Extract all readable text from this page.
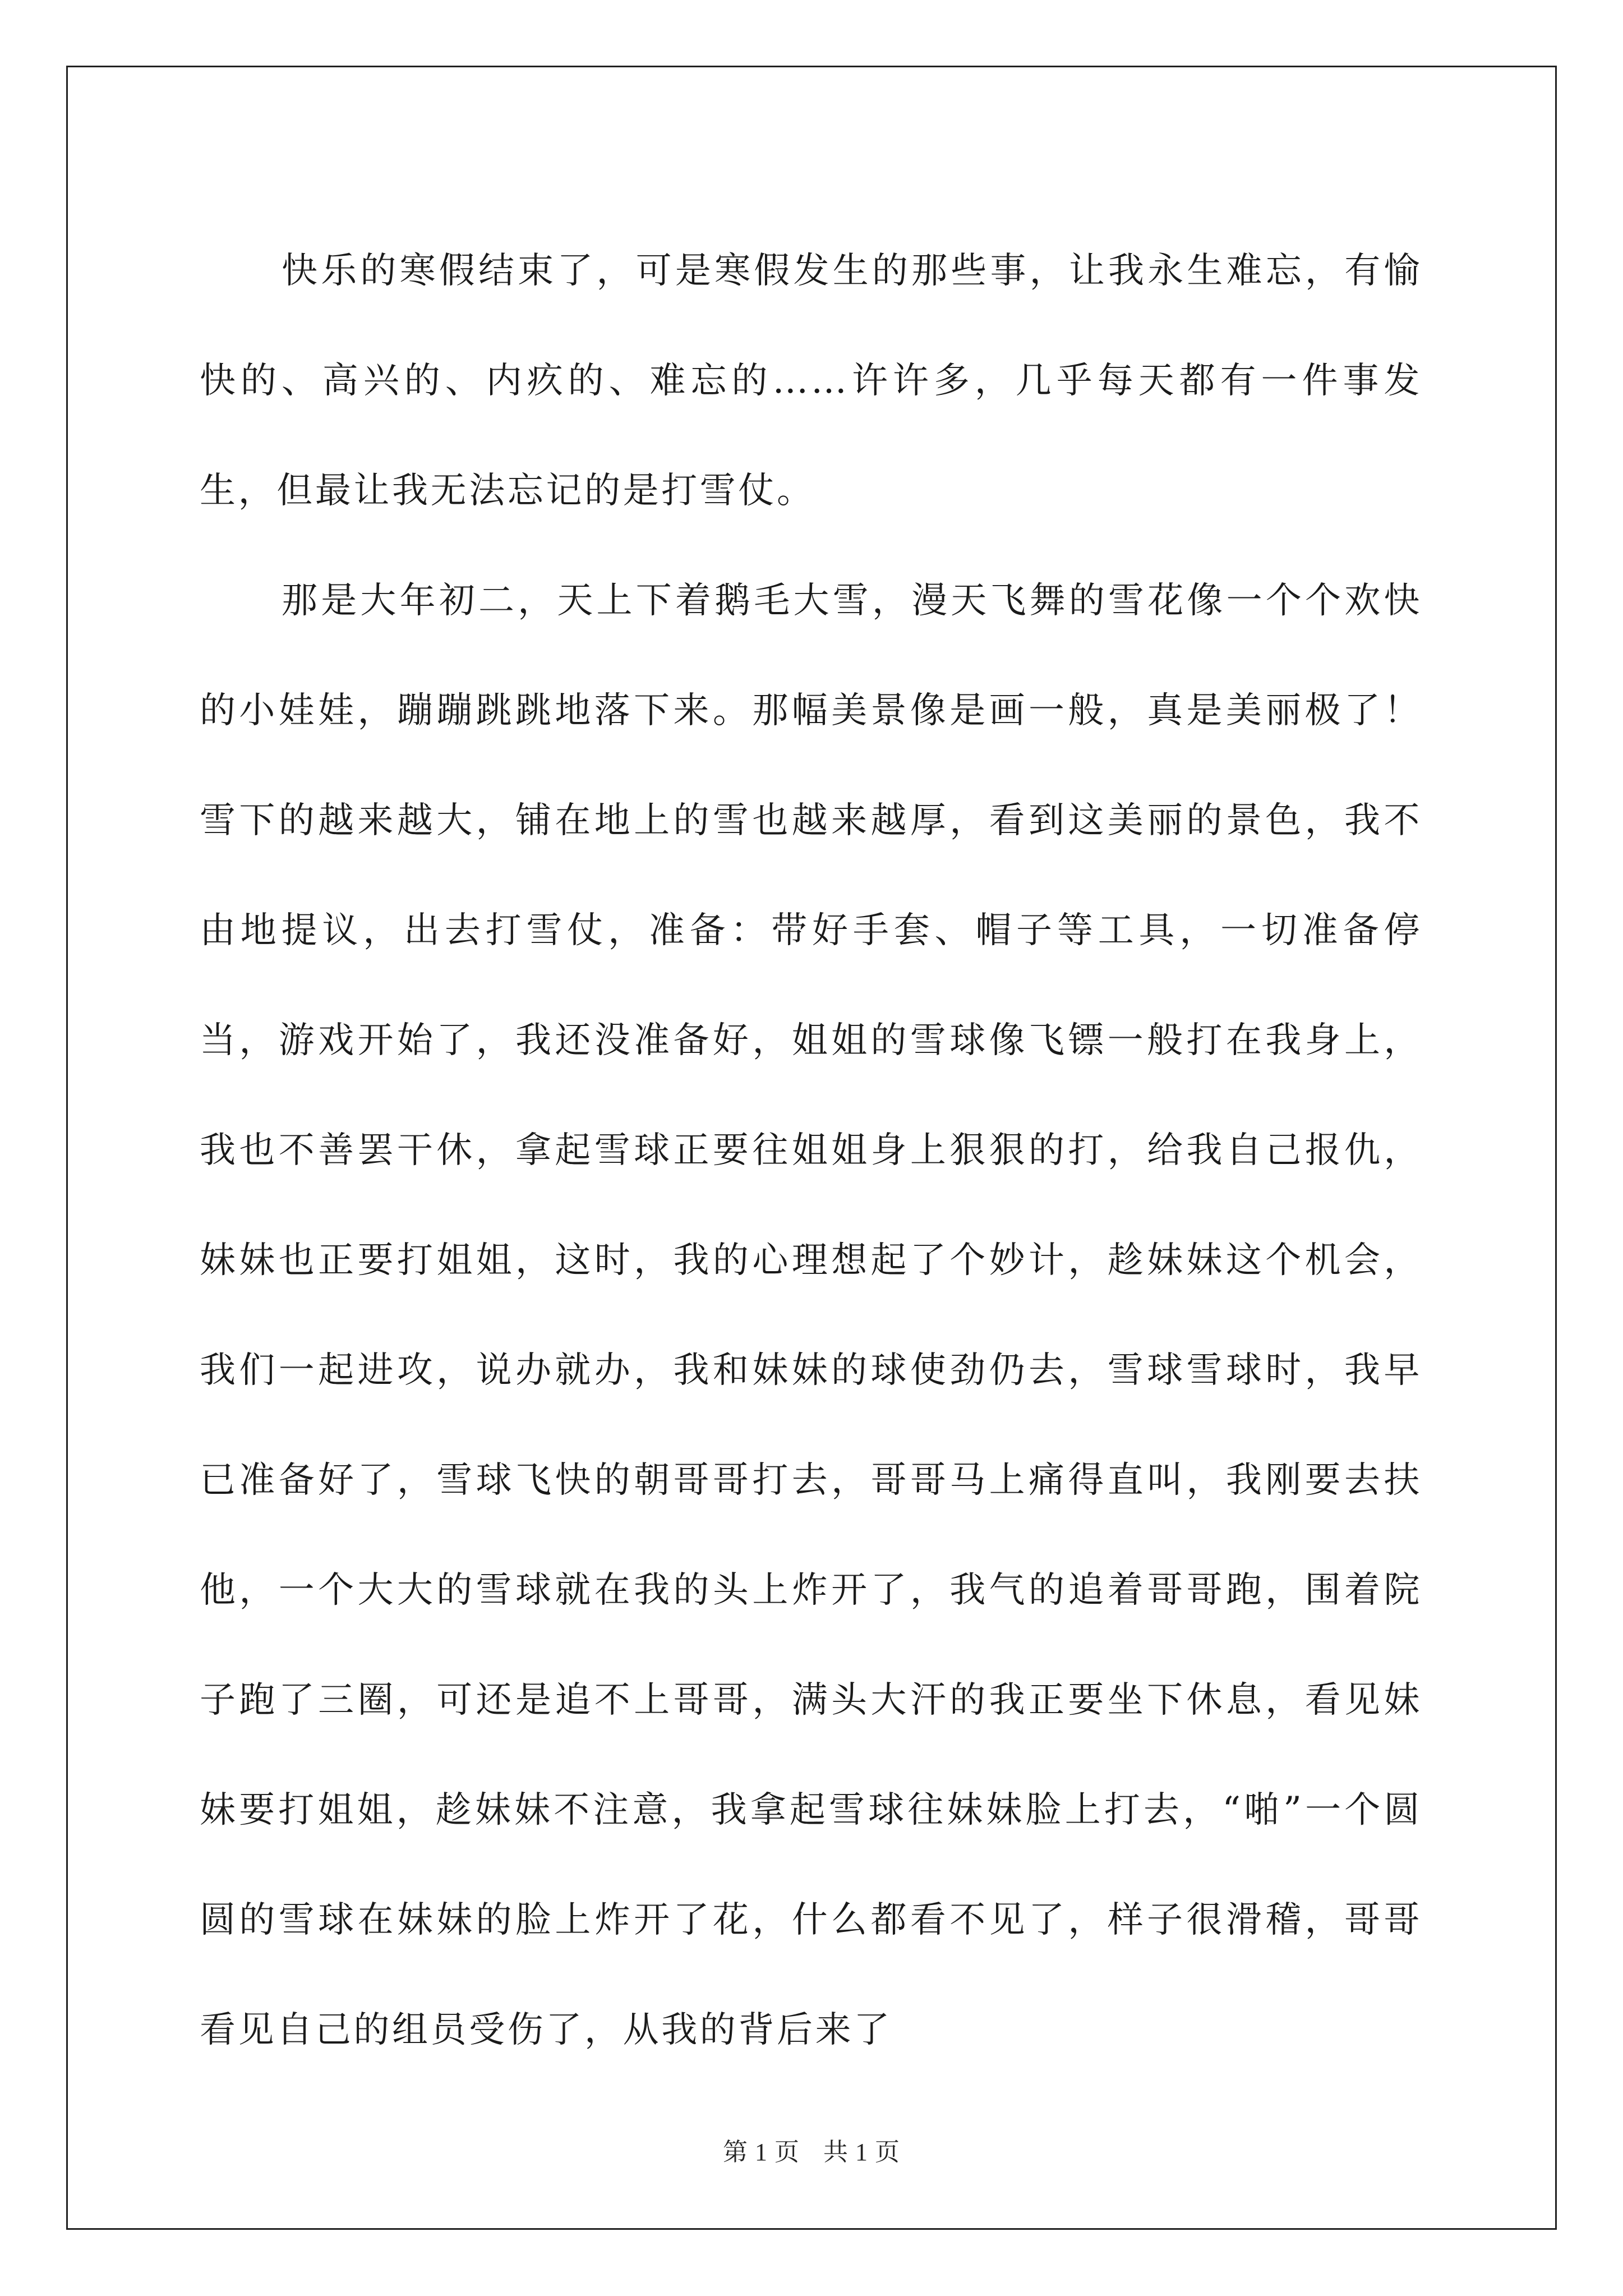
快乐的寒假结束了，可是寒假发生的那些事，让我永生难忘，有愉快的、高兴的、内疚的、难忘的……许许多，几乎每天都有一件事发生，但最让我无法忘记的是打雪仗。

那是大年初二，天上下着鹅毛大雪，漫天飞舞的雪花像一个个欢快的小娃娃，蹦蹦跳跳地落下来。那幅美景像是画一般，真是美丽极了！雪下的越来越大，铺在地上的雪也越来越厚，看到这美丽的景色，我不由地提议，出去打雪仗，准备：带好手套、帽子等工具，一切准备停当，游戏开始了，我还没准备好，姐姐的雪球像飞镖一般打在我身上，我也不善罢干休，拿起雪球正要往姐姐身上狠狠的打，给我自己报仇，妹妹也正要打姐姐，这时，我的心理想起了个妙计，趁妹妹这个机会，我们一起进攻，说办就办，我和妹妹的球使劲仍去，雪球雪球时，我早已准备好了，雪球飞快的朝哥哥打去，哥哥马上痛得直叫，我刚要去扶他，一个大大的雪球就在我的头上炸开了，我气的追着哥哥跑，围着院子跑了三圈，可还是追不上哥哥，满头大汗的我正要坐下休息，看见妹妹要打姐姐，趁妹妹不注意，我拿起雪球往妹妹脸上打去，“啪”一个圆圆的雪球在妹妹的脸上炸开了花，什么都看不见了，样子很滑稽，哥哥看见自己的组员受伤了，从我的背后来了

第 1 页 共 1 页
